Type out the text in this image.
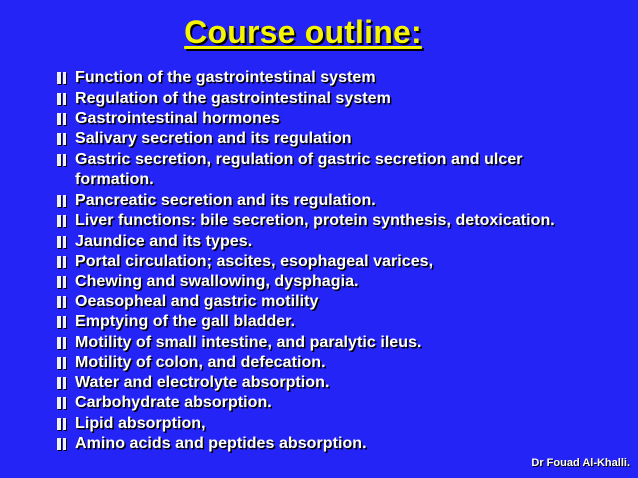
Course outline:
Function of the gastrointestinal system
Regulation of the gastrointestinal system
Gastrointestinal hormones
Salivary secretion and its regulation
Gastric secretion, regulation of gastric secretion and ulcer
formation.
Pancreatic secretion and its regulation.
Liver functions: bile secretion, protein synthesis, detoxication.
Jaundice and its types.
Portal circulation; ascites, esophageal varices,
Chewing and swallowing, dysphagia.
Oeasopheal and gastric motility
Emptying of the gall bladder.
Motility of small intestine, and paralytic ileus.
Motility of colon, and defecation.
Water and electrolyte absorption.
Carbohydrate absorption.
Lipid absorption,
Amino acids and peptides absorption.
Dr Fouad Al-Khalli.
